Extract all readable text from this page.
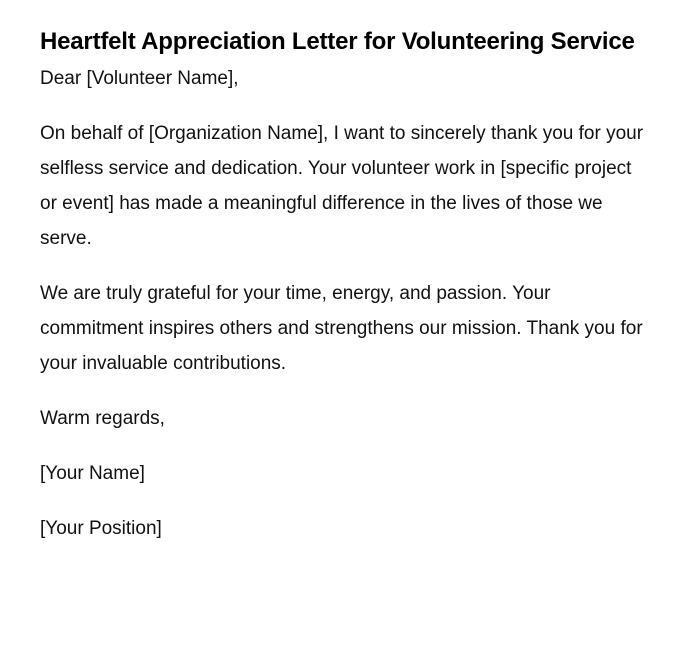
Heartfelt Appreciation Letter for Volunteering Service

Dear [Volunteer Name],

On behalf of [Organization Name], I want to sincerely thank you for your selfless service and dedication. Your volunteer work in [specific project or event] has made a meaningful difference in the lives of those we serve.

We are truly grateful for your time, energy, and passion. Your commitment inspires others and strengthens our mission. Thank you for your invaluable contributions.

Warm regards,

[Your Name]

[Your Position]
